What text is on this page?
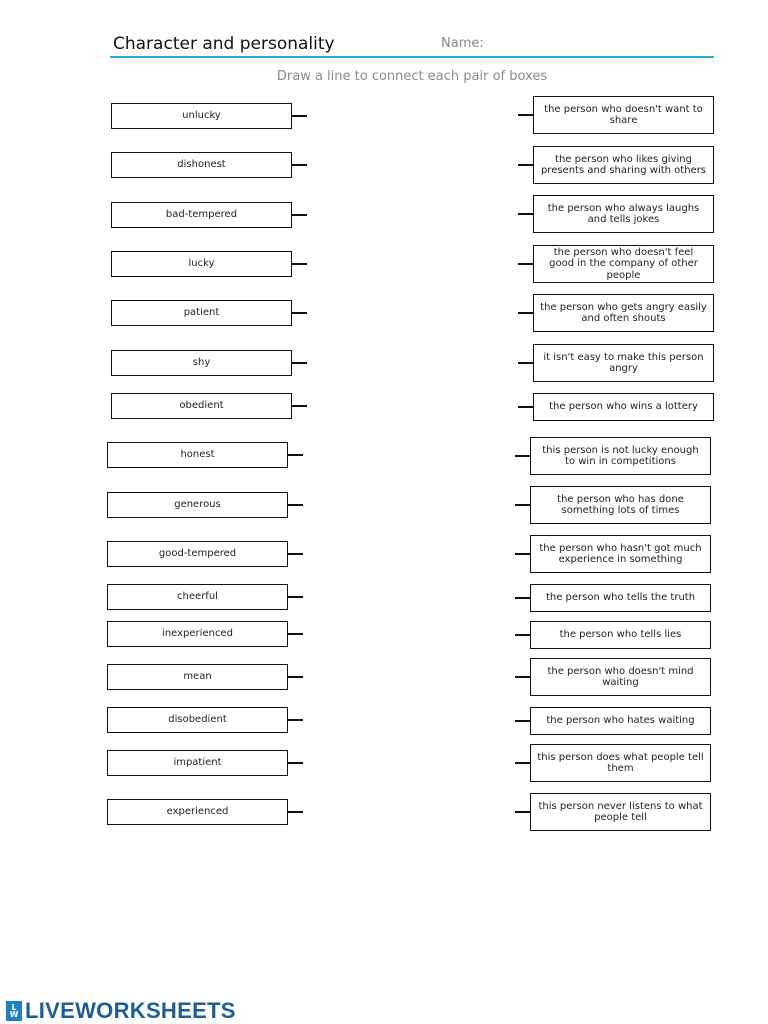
Character and personality	Name:
Draw a line to connect each pair of boxes
unlucky
dishonest
bad-tempered
lucky
patient
shy
obedient
honest
generous
good-tempered
cheerful
inexperienced
mean
disobedient
impatient
experienced
the person who doesn't want to share
the person who likes giving presents and sharing with others
the person who always laughs and tells jokes
the person who doesn't feel good in the company of other people
the person who gets angry easily and often shouts
it isn't easy to make this person angry
the person who wins a lottery
this person is not lucky enough to win in competitions
the person who has done something lots of times
the person who hasn't got much experience in something
the person who tells the truth
the person who tells lies
the person who doesn't mind waiting
the person who hates waiting
this person does what people tell them
this person never listens to what people tell
L
W LIVEWORKSHEETS
